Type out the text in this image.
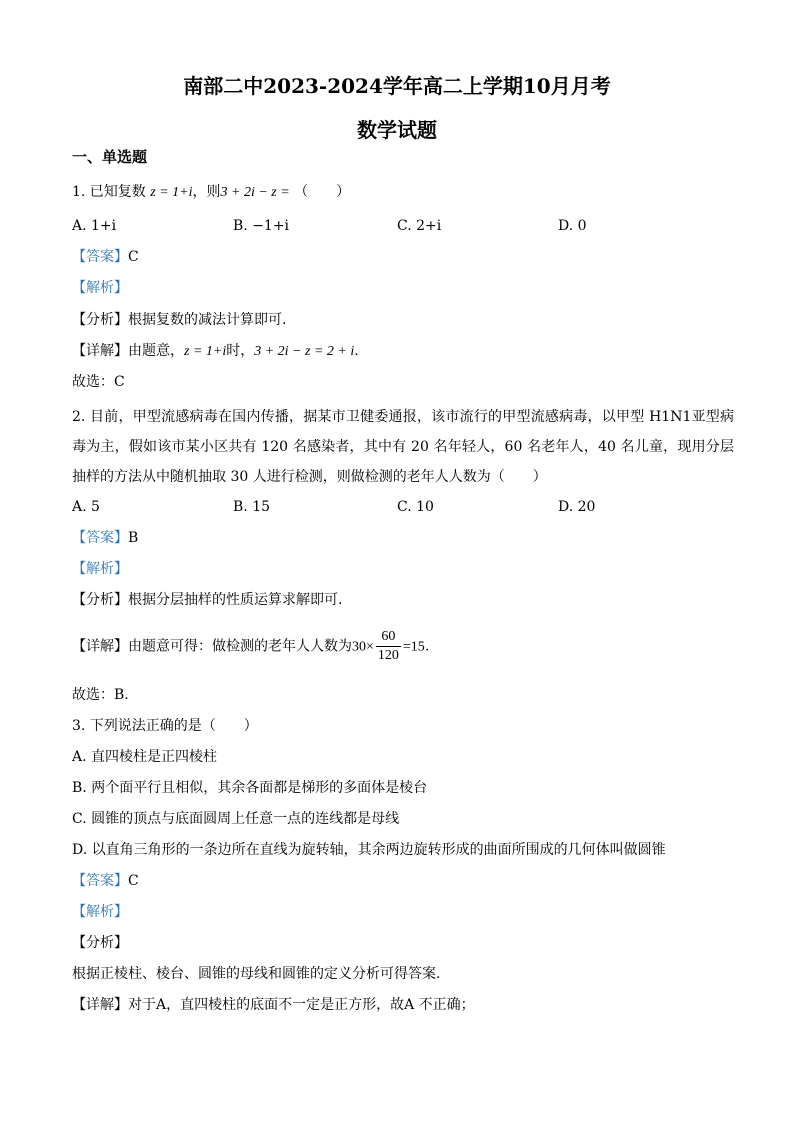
南部二中2023-2024学年高二上学期10月月考
数学试题
一、单选题
1. 已知复数 z = 1+i，则3 + 2i − z = （　　）
A. 1+i	B. −1+i	C. 2+i	D. 0
【答案】C
【解析】
【分析】根据复数的减法计算即可.
【详解】由题意，z = 1+i时，3 + 2i − z = 2 + i.
故选：C
2. 目前，甲型流感病毒在国内传播，据某市卫健委通报，该市流行的甲型流感病毒，以甲型 H1N1亚型病毒为主，假如该市某小区共有 120 名感染者，其中有 20 名年轻人，60 名老年人，40 名儿童，现用分层抽样的方法从中随机抽取 30 人进行检测，则做检测的老年人人数为（　　）
A. 5	B. 15	C. 10	D. 20
【答案】B
【解析】
【分析】根据分层抽样的性质运算求解即可.
【详解】由题意可得：做检测的老年人人数为$30\times \frac{60}{120} =15$.
故选：B.
3. 下列说法正确的是（　　）
A. 直四棱柱是正四棱柱
B. 两个面平行且相似，其余各面都是梯形的多面体是棱台
C. 圆锥的顶点与底面圆周上任意一点的连线都是母线
D. 以直角三角形的一条边所在直线为旋转轴，其余两边旋转形成的曲面所围成的几何体叫做圆锥
【答案】C
【解析】
【分析】
根据正棱柱、棱台、圆锥的母线和圆锥的定义分析可得答案.
【详解】对于A，直四棱柱的底面不一定是正方形，故A 不正确；
